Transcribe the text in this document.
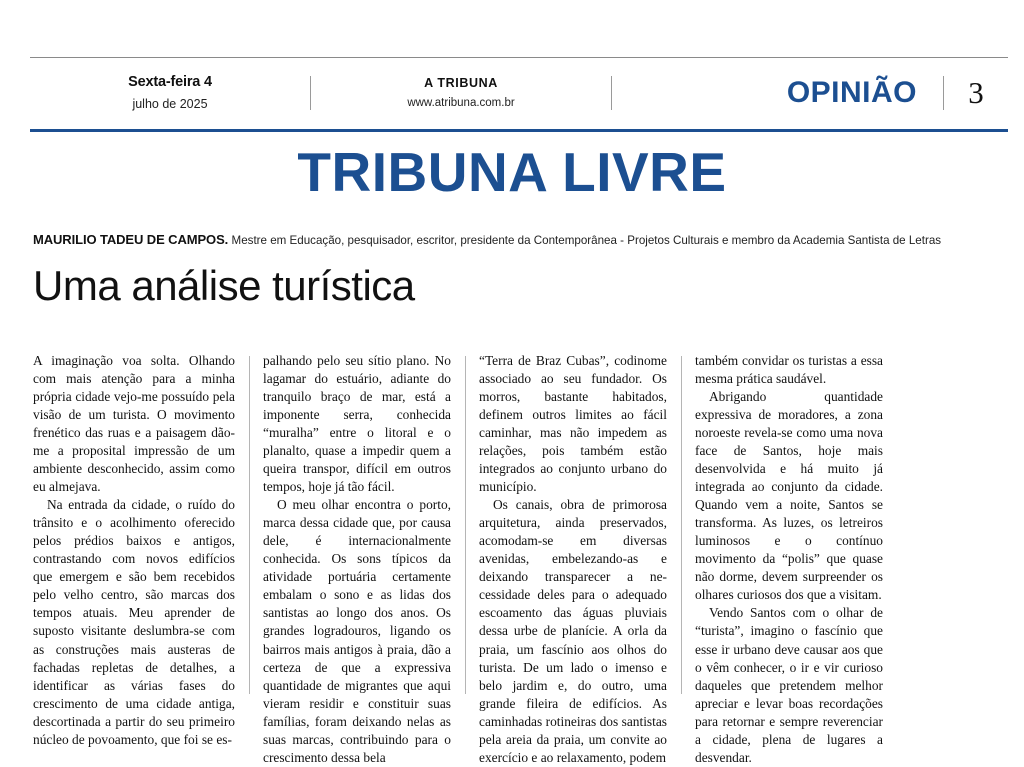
Sexta-feira 4
julho de 2025
A TRIBUNA
www.atribuna.com.br	OPINIÃO	3
TRIBUNA LIVRE
MAURILIO TADEU DE CAMPOS. Mestre em Educação, pesquisador, escritor, presidente da Contemporânea - Projetos Culturais e membro da Academia Santista de Letras
Uma análise turística

A imaginação voa solta. Olhando com mais atenção para a minha própria cidade vejo-me possuído pela visão de um turista. O movimento frenético das ruas e a paisagem dão-me a proposital impressão de um ambiente desconhecido, assim como eu almejava.

Na entrada da cidade, o ruído do trânsito e o acolhimento oferecido pelos prédios baixos e antigos, contrastando com novos edifícios que emergem e são bem recebidos pelo velho centro, são marcas dos tempos atuais. Meu aprender de suposto visitante deslumbra-se com as construções mais austeras de fachadas repletas de detalhes, a identificar as várias fases do crescimento de uma cidade antiga, descortinada a partir do seu primeiro núcleo de povoamento, que foi se es-

palhando pelo seu sítio plano. No lagamar do estuário, adiante do tranquilo braço de mar, está a imponente serra, conhecida “muralha” entre o litoral e o planalto, quase a impedir quem a queira transpor, difícil em outros tempos, hoje já tão fácil.

O meu olhar encontra o porto, marca dessa cidade que, por causa dele, é internacionalmente conhecida. Os sons típicos da atividade portuária certamente embalam o sono e as lidas dos santistas ao longo dos anos. Os grandes logradouros, ligando os bairros mais antigos à praia, dão a certeza de que a expressiva quantidade de migrantes que aqui vieram residir e constituir suas famílias, foram deixando nelas as suas marcas, contribuindo para o crescimento dessa bela

“Terra de Braz Cubas”, codinome associado ao seu fundador. Os morros, bastante habitados, definem outros limites ao fácil caminhar, mas não impedem as relações, pois também estão integrados ao conjunto urbano do município.

Os canais, obra de primorosa arquitetura, ainda preservados, acomodam-se em diversas avenidas, embelezando-as e deixando transparecer a necessidade deles para o adequado escoamento das águas pluviais dessa urbe de planície. A orla da praia, um fascínio aos olhos do turista. De um lado o imenso e belo jardim e, do outro, uma grande fileira de edifícios. As caminhadas rotineiras dos santistas pela areia da praia, um convite ao exercício e ao relaxamento, podem

também convidar os turistas a essa mesma prática saudável.

Abrigando quantidade expressiva de moradores, a zona noroeste revela-se como uma nova face de Santos, hoje mais desenvolvida e há muito já integrada ao conjunto da cidade. Quando vem a noite, Santos se transforma. As luzes, os letreiros luminosos e o contínuo movimento da “polis” que quase não dorme, devem surpreender os olhares curiosos dos que a visitam.

Vendo Santos com o olhar de “turista”, imagino o fascínio que esse ir urbano deve causar aos que o vêm conhecer, o ir e vir curioso daqueles que pretendem melhor apreciar e levar boas recordações para retornar e sempre reverenciar a cidade, plena de lugares a desvendar.
